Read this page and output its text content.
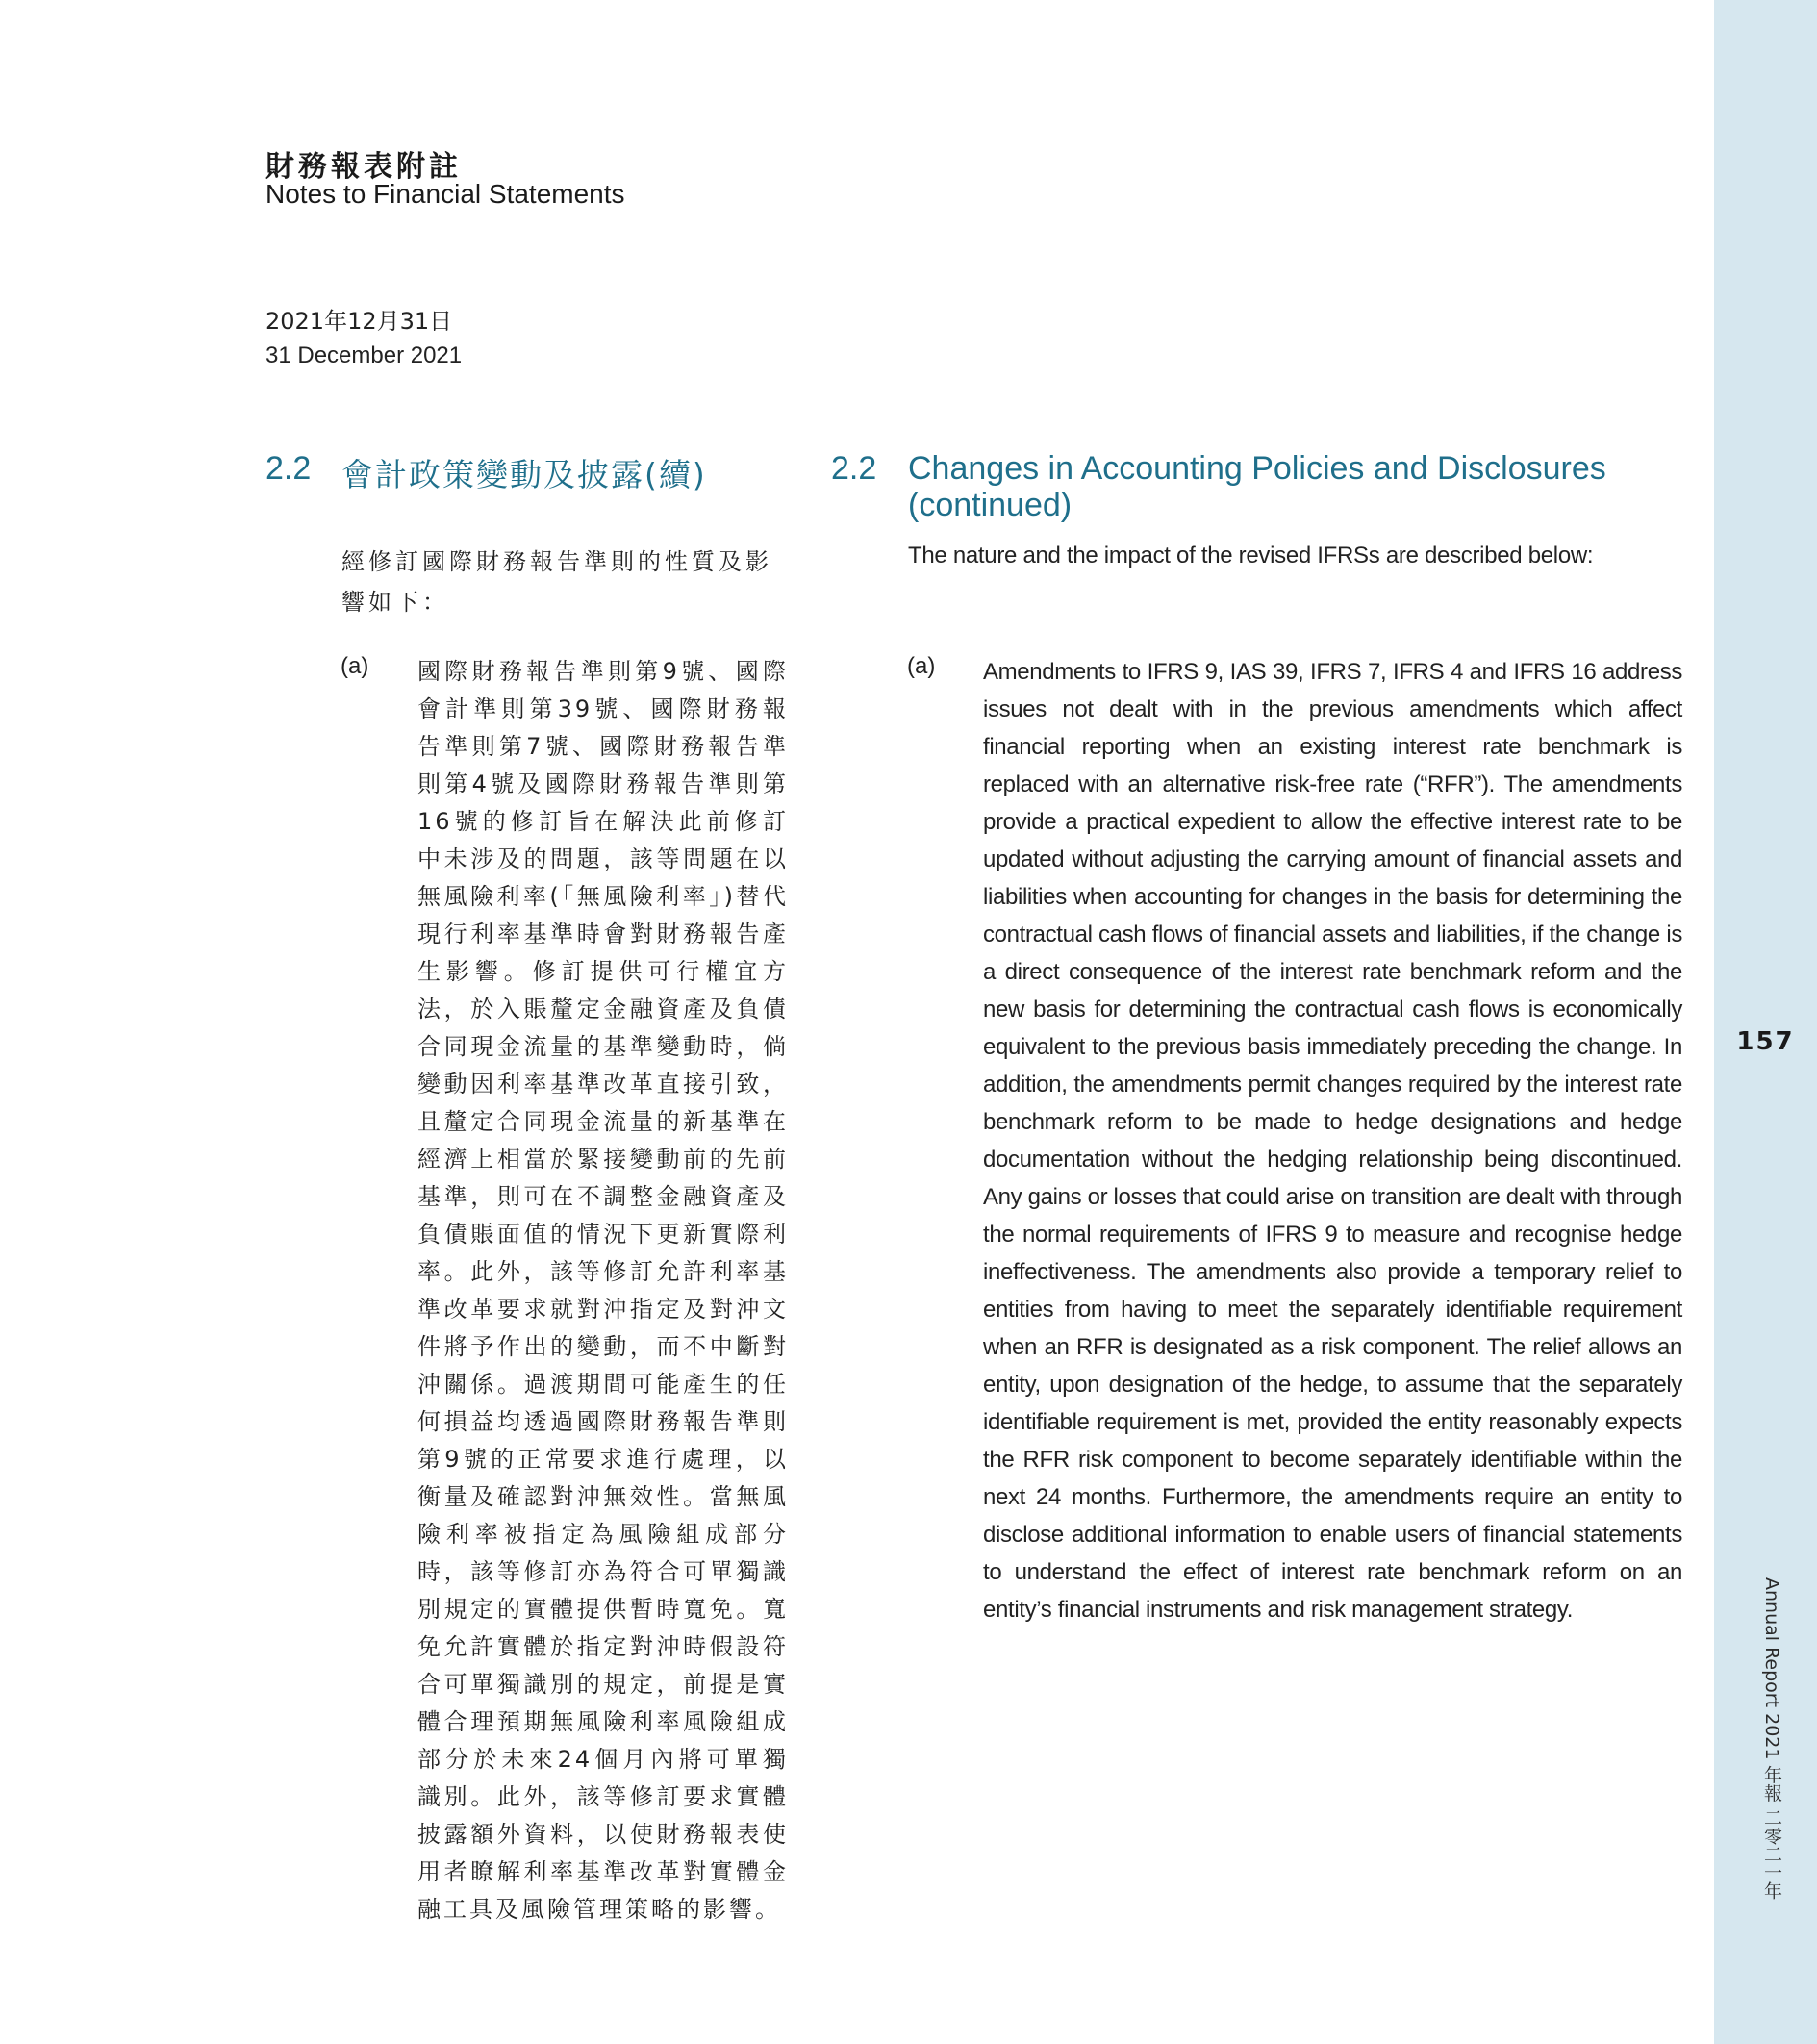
157
Annual Report 2021 年報 二零二一年
財務報表附註
Notes to Financial Statements
2021年12月31日
31 December 2021
2.2 會計政策變動及披露(續)	2.2 Changes in Accounting Policies and Disclosures (continued)
經修訂國際財務報告準則的性質及影響如下：
The nature and the impact of the revised IFRSs are described below:
(a) 國際財務報告準則第9號、國際會計準則第39號、國際財務報告準則第7號、國際財務報告準則第4號及國際財務報告準則第16號的修訂旨在解決此前修訂中未涉及的問題，該等問題在以無風險利率(「無風險利率」)替代現行利率基準時會對財務報告產生影響。修訂提供可行權宜方法，於入賬釐定金融資產及負債合同現金流量的基準變動時，倘變動因利率基準改革直接引致，且釐定合同現金流量的新基準在經濟上相當於緊接變動前的先前基準，則可在不調整金融資產及負債賬面值的情況下更新實際利率。此外，該等修訂允許利率基準改革要求就對沖指定及對沖文件將予作出的變動，而不中斷對沖關係。過渡期間可能產生的任何損益均透過國際財務報告準則第9號的正常要求進行處理，以衡量及確認對沖無效性。當無風險利率被指定為風險組成部分時，該等修訂亦為符合可單獨識別規定的實體提供暫時寬免。寬免允許實體於指定對沖時假設符合可單獨識別的規定，前提是實體合理預期無風險利率風險組成部分於未來24個月內將可單獨識別。此外，該等修訂要求實體披露額外資料，以使財務報表使用者瞭解利率基準改革對實體金融工具及風險管理策略的影響。
(a) Amendments to IFRS 9, IAS 39, IFRS 7, IFRS 4 and IFRS 16 address issues not dealt with in the previous amendments which affect financial reporting when an existing interest rate benchmark is replaced with an alternative risk-free rate (“RFR”). The amendments provide a practical expedient to allow the effective interest rate to be updated without adjusting the carrying amount of financial assets and liabilities when accounting for changes in the basis for determining the contractual cash flows of financial assets and liabilities, if the change is a direct consequence of the interest rate benchmark reform and the new basis for determining the contractual cash flows is economically equivalent to the previous basis immediately preceding the change. In addition, the amendments permit changes required by the interest rate benchmark reform to be made to hedge designations and hedge documentation without the hedging relationship being discontinued. Any gains or losses that could arise on transition are dealt with through the normal requirements of IFRS 9 to measure and recognise hedge ineffectiveness. The amendments also provide a temporary relief to entities from having to meet the separately identifiable requirement when an RFR is designated as a risk component. The relief allows an entity, upon designation of the hedge, to assume that the separately identifiable requirement is met, provided the entity reasonably expects the RFR risk component to become separately identifiable within the next 24 months. Furthermore, the amendments require an entity to disclose additional information to enable users of financial statements to understand the effect of interest rate benchmark reform on an entity’s financial instruments and risk management strategy.
